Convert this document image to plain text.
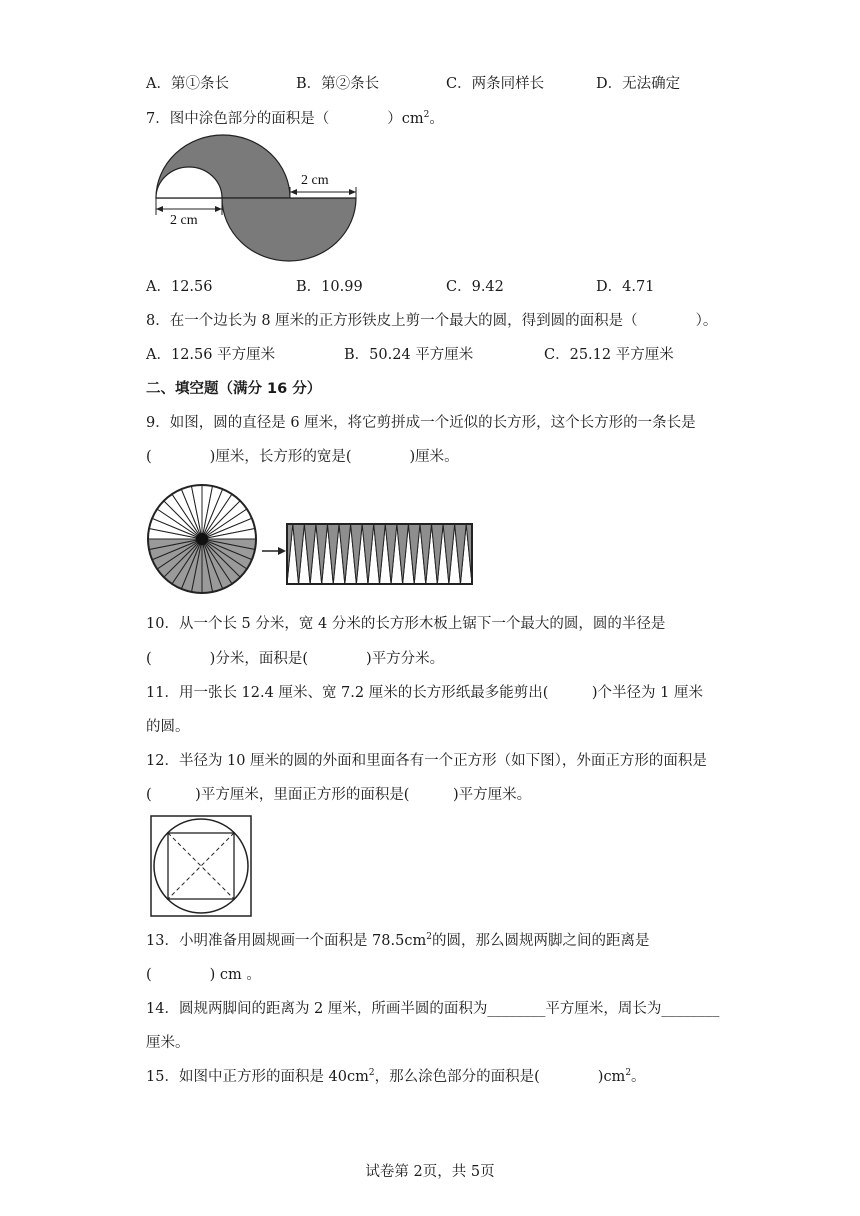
A．第①条长	B．第②条长	C．两条同样长	D．无法确定
7．图中涂色部分的面积是（	）$cm^2$。
2 cm
2 cm
A．12.56	B．10.99	C．9.42	D．4.71
8．在一个边长为 8 厘米的正方形铁皮上剪一个最大的圆，得到圆的面积是（　　　　）。
A．12.56 平方厘米	B．50.24 平方厘米	C．25.12 平方厘米
二、填空题（满分 16 分）
9．如图，圆的直径是 6 厘米，将它剪拼成一个近似的长方形，这个长方形的一条长是
(　　　　)厘米，长方形的宽是(　　　　)厘米。
10．从一个长 5 分米，宽 4 分米的长方形木板上锯下一个最大的圆，圆的半径是
(　　　　)分米，面积是(　　　　)平方分米。
11．用一张长 12.4 厘米、宽 7.2 厘米的长方形纸最多能剪出(　　　)个半径为 1 厘米
的圆。
12．半径为 10 厘米的圆的外面和里面各有一个正方形（如下图），外面正方形的面积是
(　　　)平方厘米，里面正方形的面积是(　　　)平方厘米。
13．小明准备用圆规画一个面积是 $78.5cm^2$的圆，那么圆规两脚之间的距离是
(　　　　) cm 。
14．圆规两脚间的距离为 2 厘米，所画半圆的面积为________平方厘米，周长为________
厘米。
15．如图中正方形的面积是 $40cm^2$，那么涂色部分的面积是(　　　　)$cm^2$。
试卷第 2页，共 5页
